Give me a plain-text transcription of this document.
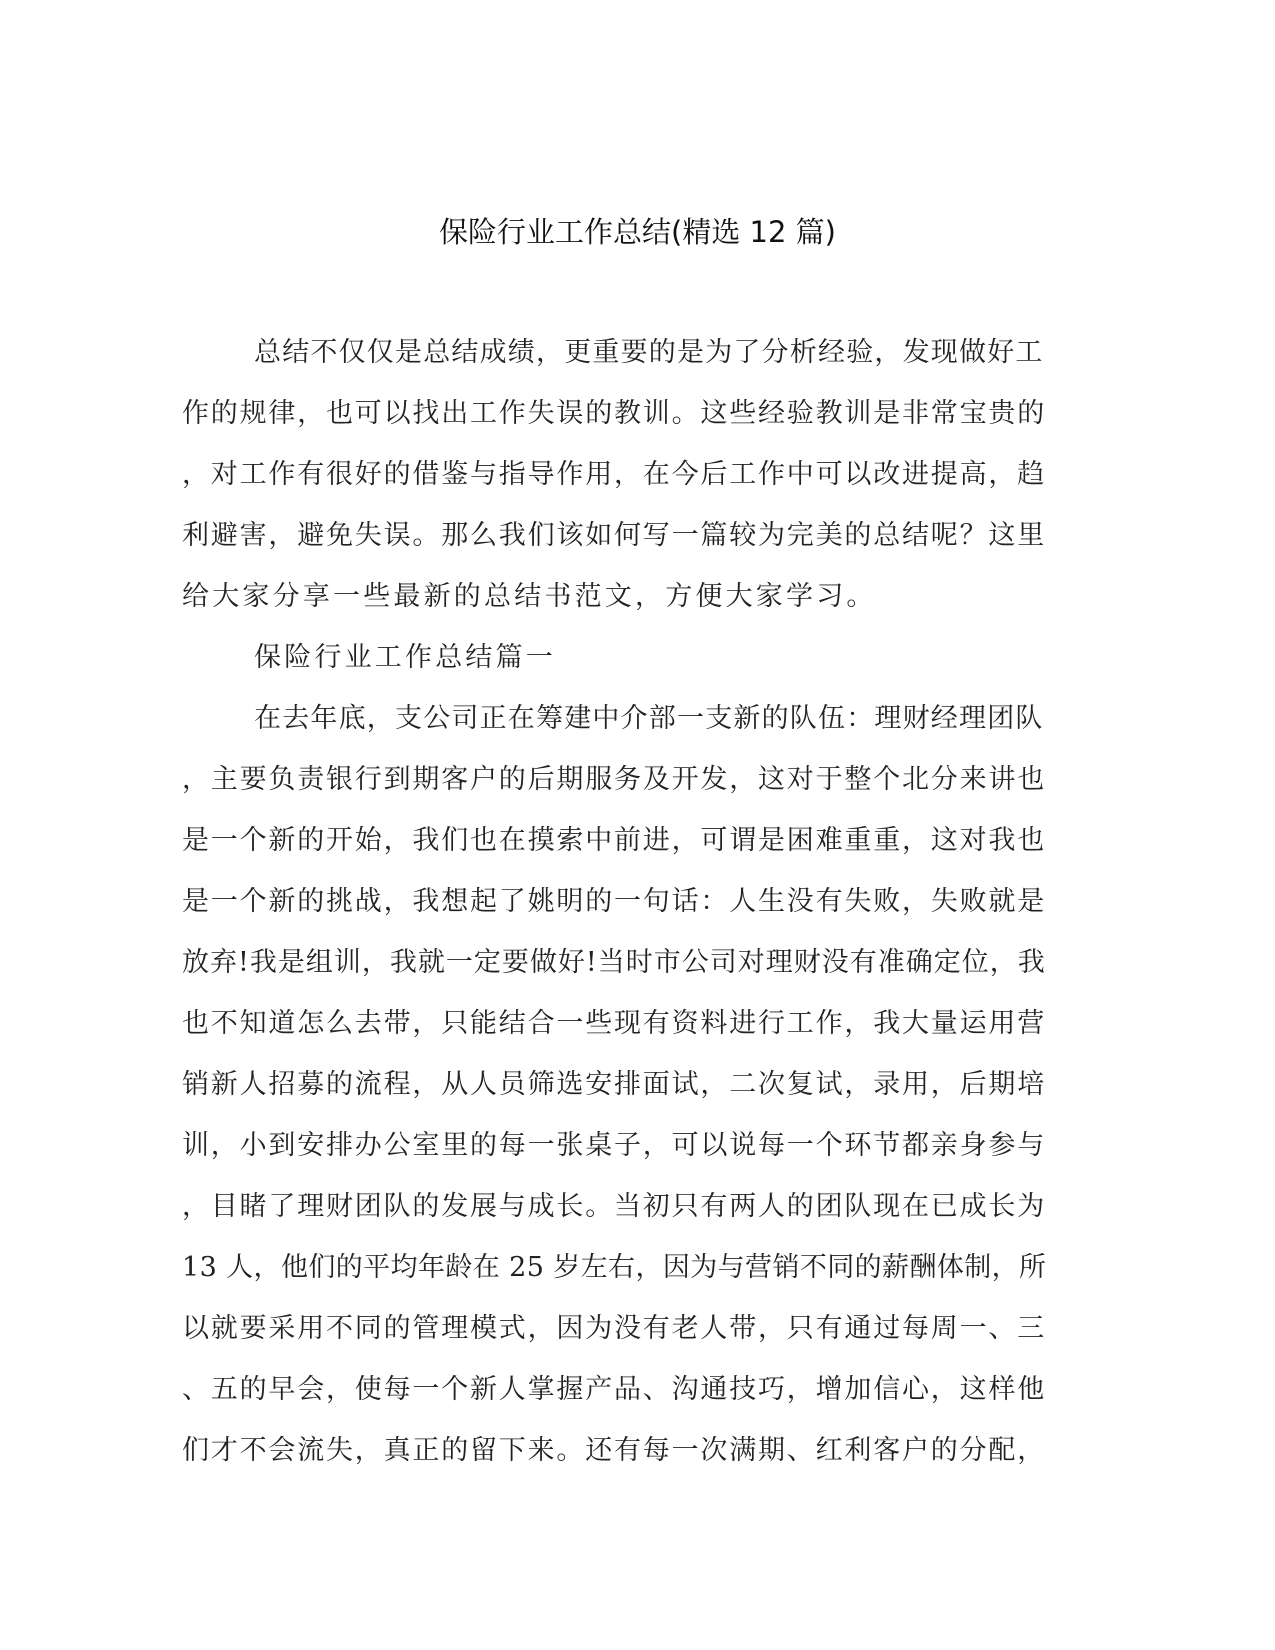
保险行业工作总结(精选 12 篇)
总结不仅仅是总结成绩，更重要的是为了分析经验，发现做好工
作的规律，也可以找出工作失误的教训。这些经验教训是非常宝贵的
，对工作有很好的借鉴与指导作用，在今后工作中可以改进提高，趋
利避害，避免失误。那么我们该如何写一篇较为完美的总结呢？这里
给大家分享一些最新的总结书范文，方便大家学习。
保险行业工作总结篇一
在去年底，支公司正在筹建中介部一支新的队伍：理财经理团队
，主要负责银行到期客户的后期服务及开发，这对于整个北分来讲也
是一个新的开始，我们也在摸索中前进，可谓是困难重重，这对我也
是一个新的挑战，我想起了姚明的一句话：人生没有失败，失败就是
放弃!我是组训，我就一定要做好!当时市公司对理财没有准确定位，我
也不知道怎么去带，只能结合一些现有资料进行工作，我大量运用营
销新人招募的流程，从人员筛选安排面试，二次复试，录用，后期培
训，小到安排办公室里的每一张桌子，可以说每一个环节都亲身参与
，目睹了理财团队的发展与成长。当初只有两人的团队现在已成长为
13 人，他们的平均年龄在 25 岁左右，因为与营销不同的薪酬体制，所
以就要采用不同的管理模式，因为没有老人带，只有通过每周一、三
、五的早会，使每一个新人掌握产品、沟通技巧，增加信心，这样他
们才不会流失，真正的留下来。还有每一次满期、红利客户的分配，
